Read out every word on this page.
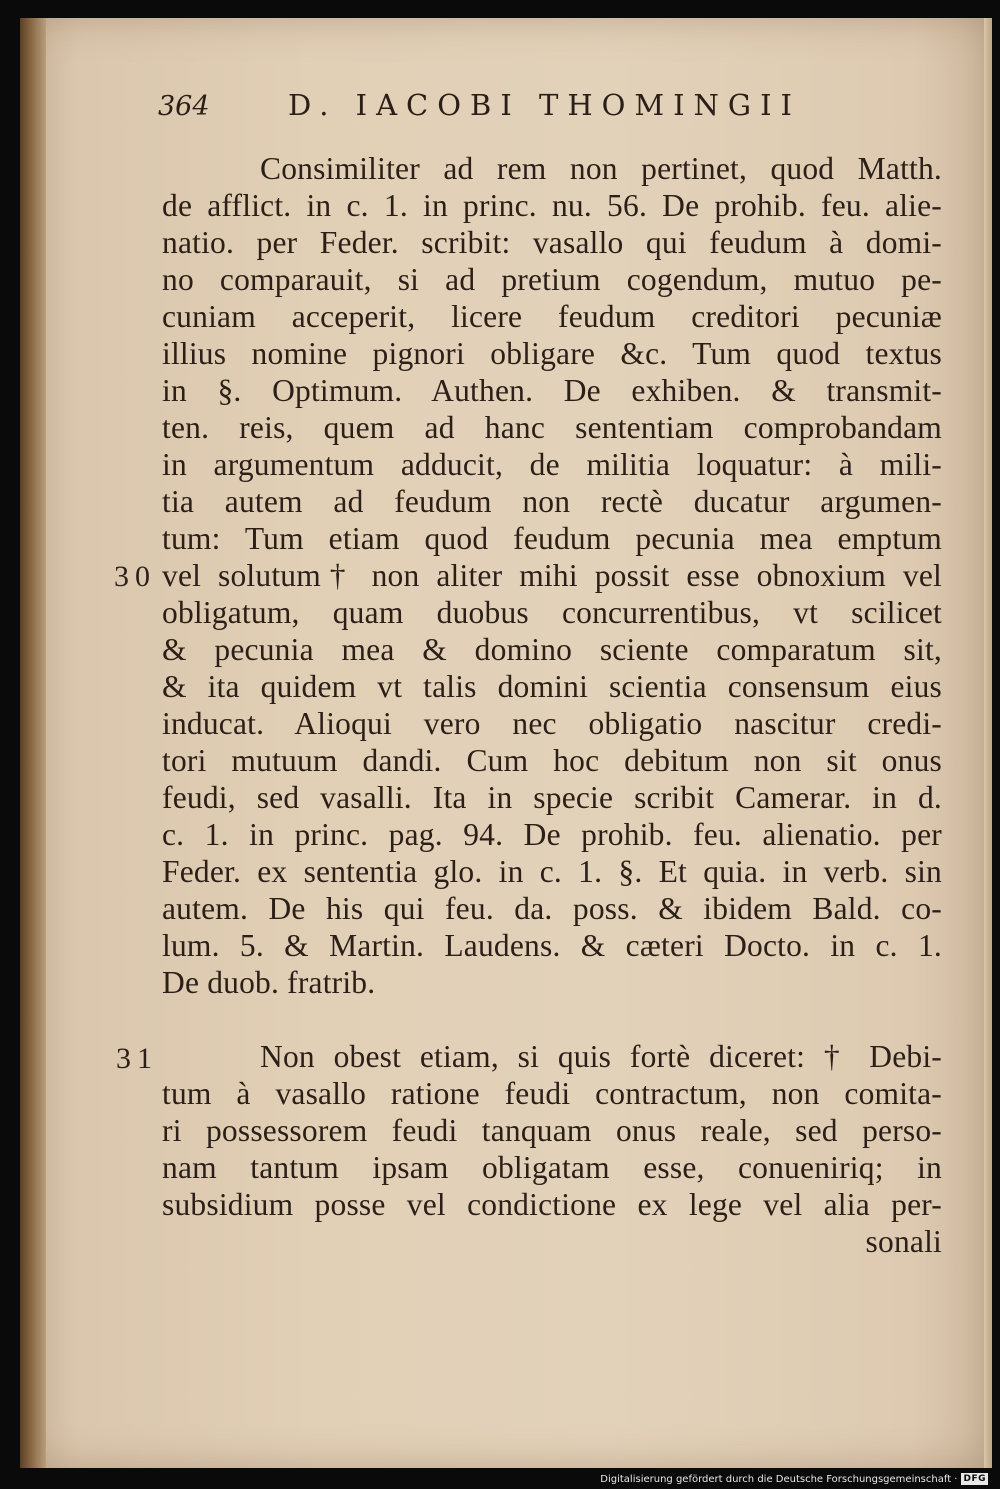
364	D. IACOBI THOMINGII
30
31
Consimiliter ad rem non pertinet, quod Matth.
de afflict. in c. 1. in princ. nu. 56. De prohib. feu. alie-
natio. per Feder. scribit: vasallo qui feudum à domi-
no comparauit, si ad pretium cogendum, mutuo pe-
cuniam acceperit, licere feudum creditori pecuniæ
illius nomine pignori obligare &c. Tum quod textus
in §. Optimum. Authen. De exhiben. & transmit-
ten. reis, quem ad hanc sententiam comprobandam
in argumentum adducit, de militia loquatur: à mili-
tia autem ad feudum non rectè ducatur argumen-
tum: Tum etiam quod feudum pecunia mea emptum
vel solutum† non aliter mihi possit esse obnoxium vel
obligatum, quam duobus concurrentibus, vt scilicet
& pecunia mea & domino sciente comparatum sit,
& ita quidem vt talis domini scientia consensum eius
inducat. Alioqui vero nec obligatio nascitur credi-
tori mutuum dandi. Cum hoc debitum non sit onus
feudi, sed vasalli. Ita in specie scribit Camerar. in d.
c. 1. in princ. pag. 94. De prohib. feu. alienatio. per
Feder. ex sententia glo. in c. 1. §. Et quia. in verb. sin
autem. De his qui feu. da. poss. & ibidem Bald. co-
lum. 5. & Martin. Laudens. & cæteri Docto. in c. 1.
De duob. fratrib.
Non obest etiam, si quis fortè diceret: † Debi-
tum à vasallo ratione feudi contractum, non comita-
ri possessorem feudi tanquam onus reale, sed perso-
nam tantum ipsam obligatam esse, conueniriq; in
subsidium posse vel condictione ex lege vel alia per-
sonali
Digitalisierung gefördert durch die Deutsche Forschungsgemeinschaft · DFG
